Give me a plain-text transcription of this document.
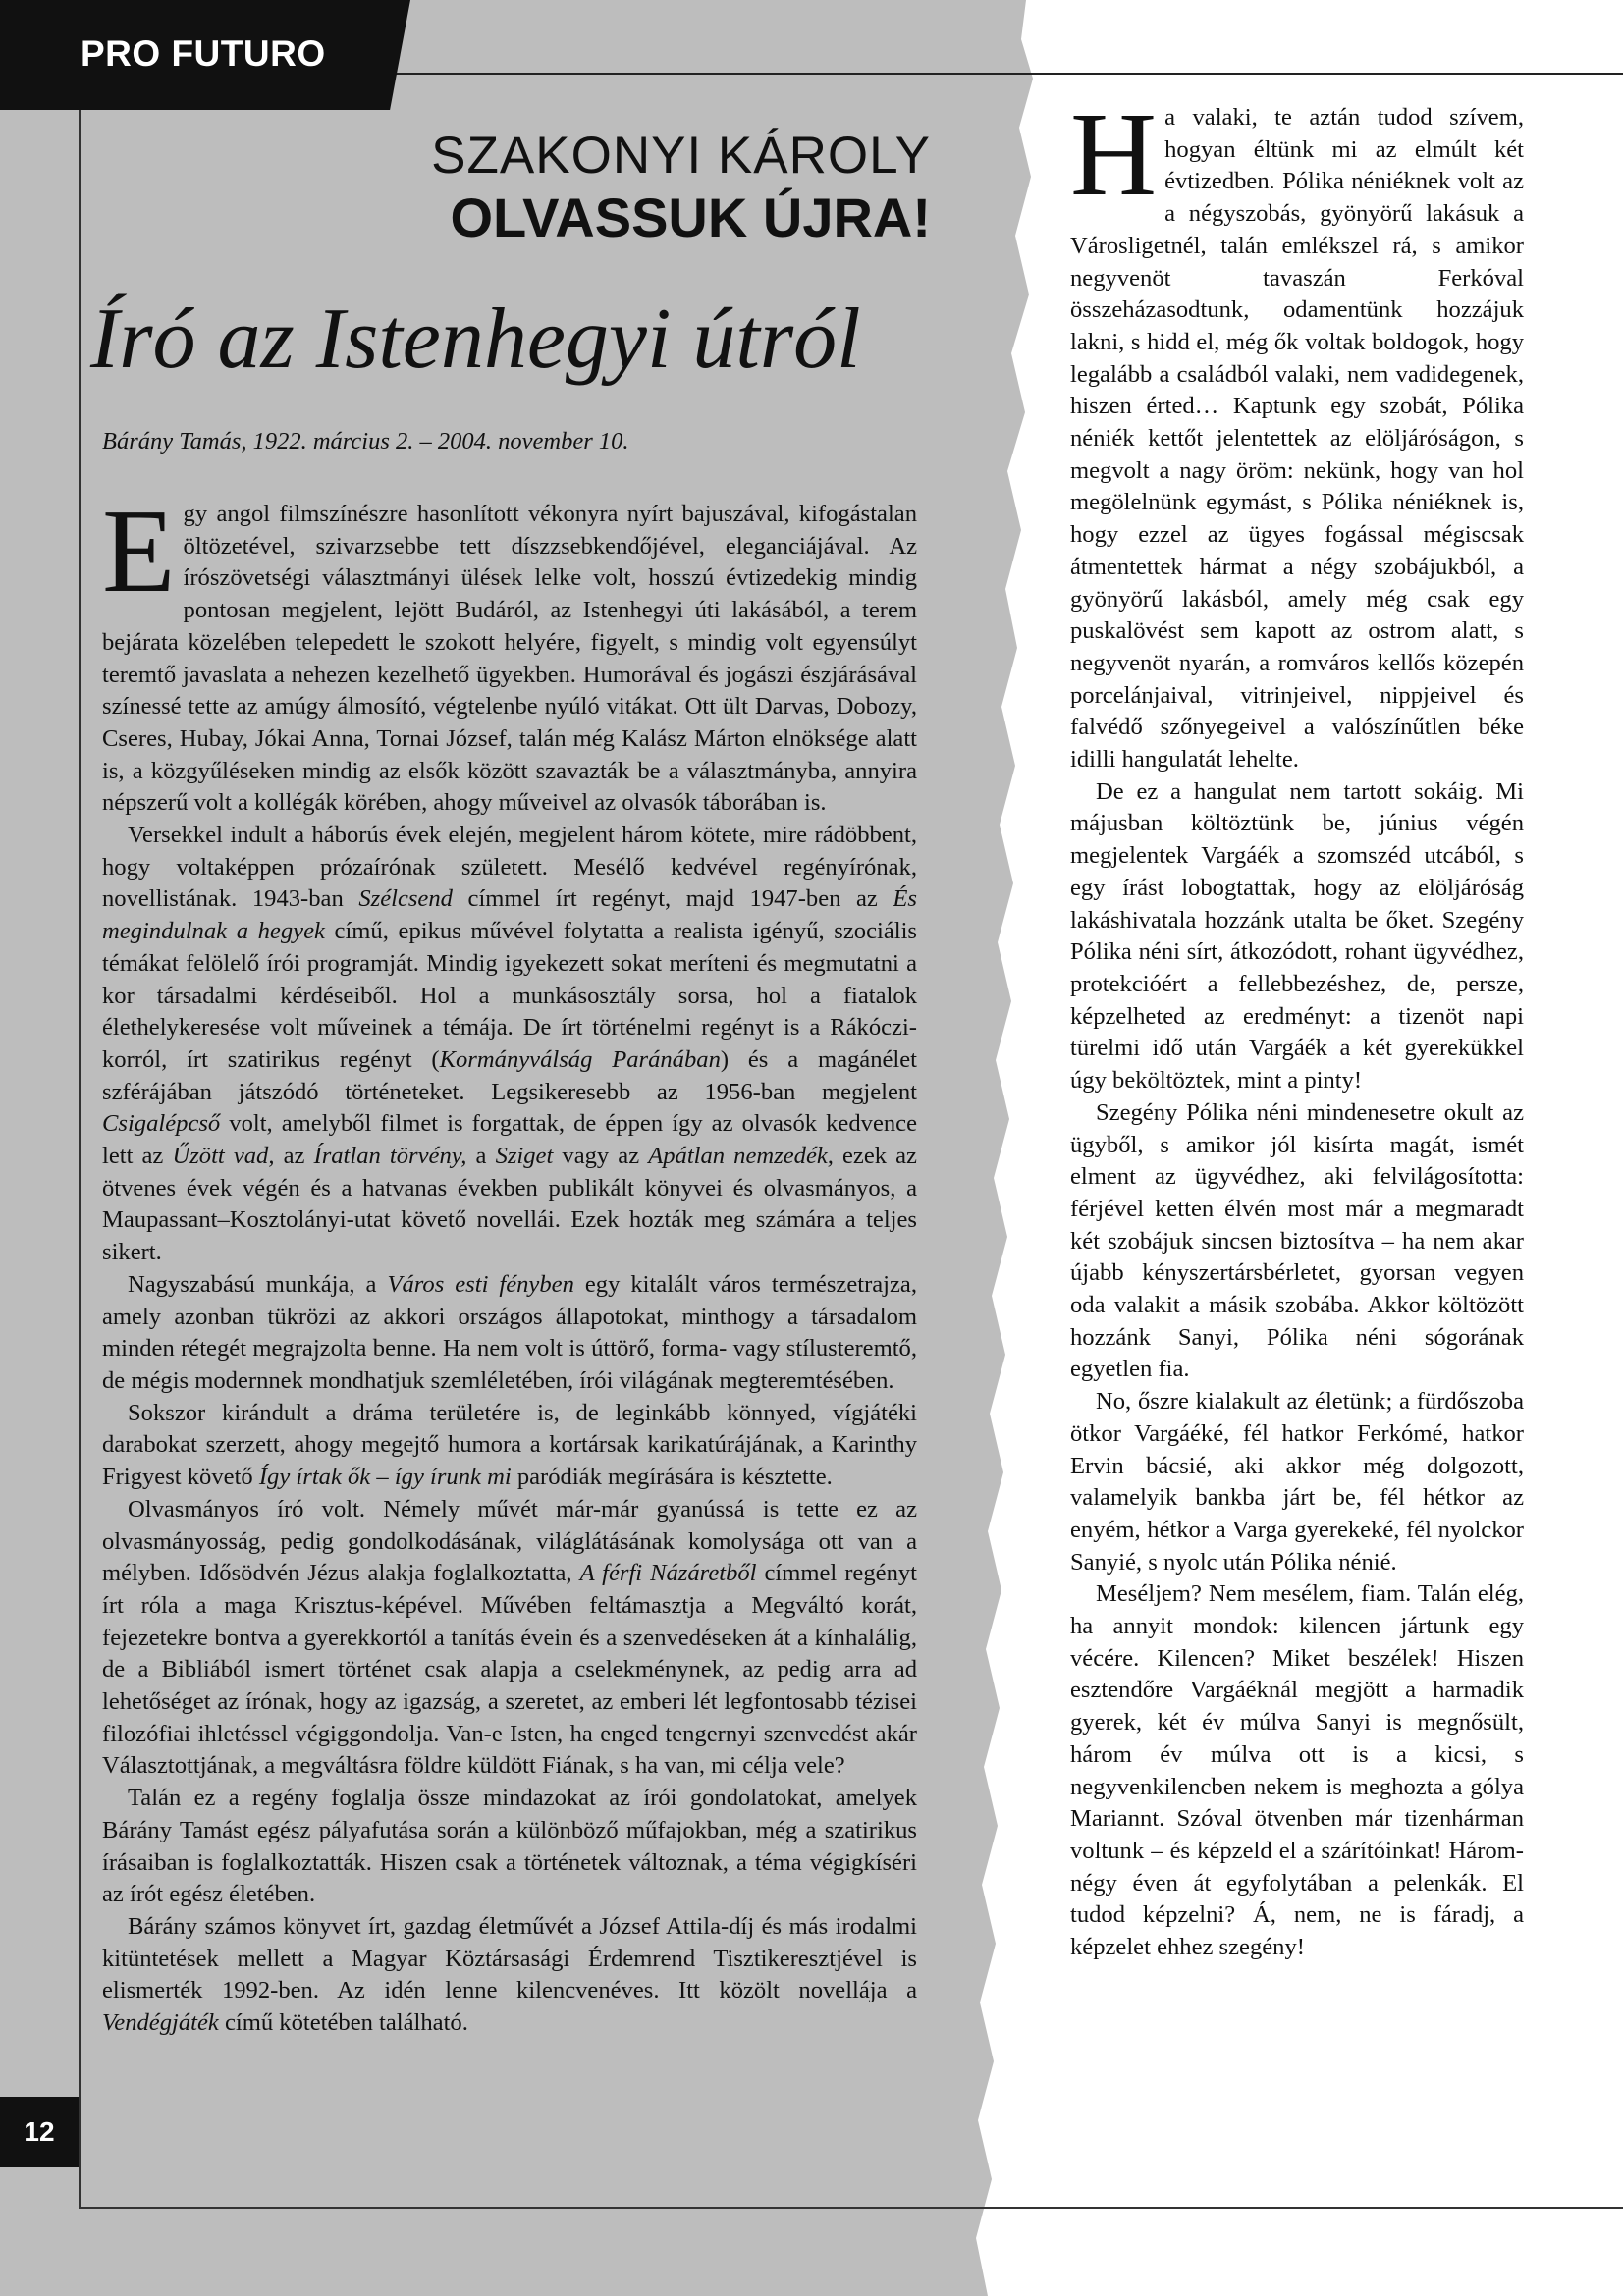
PRO FUTURO
SZAKONYI KÁROLY
OLVASSUK ÚJRA!
Író az Istenhegyi útról
Bárány Tamás, 1922. március 2. – 2004. november 10.

Egy angol filmszínészre hasonlított vékonyra nyírt bajuszával, kifogástalan öltözetével, szivarzsebbe tett díszzsebkendőjével, eleganciájával. Az írószövetségi választmányi ülések lelke volt, hosszú évtizedekig mindig pontosan megjelent, lejött Budáról, az Istenhegyi úti lakásából, a terem bejárata közelében telepedett le szokott helyére, figyelt, s mindig volt egyensúlyt teremtő javaslata a nehezen kezelhető ügyekben. Humorával és jogászi észjárásával színessé tette az amúgy álmosító, végtelenbe nyúló vitákat. Ott ült Darvas, Dobozy, Cseres, Hubay, Jókai Anna, Tornai József, talán még Kalász Márton elnöksége alatt is, a közgyűléseken mindig az elsők között szavazták be a választmányba, annyira népszerű volt a kollégák körében, ahogy műveivel az olvasók táborában is.

Versekkel indult a háborús évek elején, megjelent három kötete, mire rádöbbent, hogy voltaképpen prózaírónak született. Mesélő kedvével regényírónak, novellistának. 1943-ban Szélcsend címmel írt regényt, majd 1947-ben az És megindulnak a hegyek című, epikus művével folytatta a realista igényű, szociális témákat felölelő írói programját. Mindig igyekezett sokat meríteni és megmutatni a kor társadalmi kérdéseiből. Hol a munkásosztály sorsa, hol a fiatalok élethelykeresése volt műveinek a témája. De írt történelmi regényt is a Rákóczi-korról, írt szatirikus regényt (Kormányválság Paránában) és a magánélet szférájában játszódó történeteket. Legsikeresebb az 1956-ban megjelent Csigalépcső volt, amelyből filmet is forgattak, de éppen így az olvasók kedvence lett az Űzött vad, az Íratlan törvény, a Sziget vagy az Apátlan nemzedék, ezek az ötvenes évek végén és a hatvanas években publikált könyvei és olvasmányos, a Maupassant–Kosztolányi-utat követő novellái. Ezek hozták meg számára a teljes sikert.

Nagyszabású munkája, a Város esti fényben egy kitalált város természetrajza, amely azonban tükrözi az akkori országos állapotokat, minthogy a társadalom minden rétegét megrajzolta benne. Ha nem volt is úttörő, forma- vagy stílusteremtő, de mégis modernnek mondhatjuk szemléletében, írói világának megteremtésében.

Sokszor kirándult a dráma területére is, de leginkább könnyed, vígjátéki darabokat szerzett, ahogy megejtő humora a kortársak karikatúrájának, a Karinthy Frigyest követő Így írtak ők – így írunk mi paródiák megírására is késztette.

Olvasmányos író volt. Némely művét már-már gyanússá is tette ez az olvasmányosság, pedig gondolkodásának, világlátásának komolysága ott van a mélyben. Idősödvén Jézus alakja foglalkoztatta, A férfi Názáretből címmel regényt írt róla a maga Krisztus-képével. Művében feltámasztja a Megváltó korát, fejezetekre bontva a gyerekkortól a tanítás évein és a szenvedéseken át a kínhalálig, de a Bibliából ismert történet csak alapja a cselekménynek, az pedig arra ad lehetőséget az írónak, hogy az igazság, a szeretet, az emberi lét legfontosabb tézisei filozófiai ihletéssel végiggondolja. Van-e Isten, ha enged tengernyi szenvedést akár Választottjának, a megváltásra földre küldött Fiának, s ha van, mi célja vele?

Talán ez a regény foglalja össze mindazokat az írói gondolatokat, amelyek Bárány Tamást egész pályafutása során a különböző műfajokban, még a szatirikus írásaiban is foglalkoztatták. Hiszen csak a történetek változnak, a téma végigkíséri az írót egész életében.

Bárány számos könyvet írt, gazdag életművét a József Attila-díj és más irodalmi kitüntetések mellett a Magyar Köztársasági Érdemrend Tisztikeresztjével is elismerték 1992-ben. Az idén lenne kilencvenéves. Itt közölt novellája a Vendégjáték című kötetében található.

Ha valaki, te aztán tudod szívem, hogyan éltünk mi az elmúlt két évtizedben. Pólika néniéknek volt az a négyszobás, gyönyörű lakásuk a Városligetnél, talán emlékszel rá, s amikor negyvenöt tavaszán Ferkóval összeházasodtunk, odamentünk hozzájuk lakni, s hidd el, még ők voltak boldogok, hogy legalább a családból valaki, nem vadidegenek, hiszen érted… Kaptunk egy szobát, Pólika néniék kettőt jelentettek az elöljáróságon, s megvolt a nagy öröm: nekünk, hogy van hol megölelnünk egymást, s Pólika néniéknek is, hogy ezzel az ügyes fogással mégiscsak átmentettek hármat a négy szobájukból, a gyönyörű lakásból, amely még csak egy puskalövést sem kapott az ostrom alatt, s negyvenöt nyarán, a romváros kellős közepén porcelánjaival, vitrinjeivel, nippjeivel és falvédő szőnyegeivel a valószínűtlen béke idilli hangulatát lehelte.

De ez a hangulat nem tartott sokáig. Mi májusban költöztünk be, június végén megjelentek Vargáék a szomszéd utcából, s egy írást lobogtattak, hogy az elöljáróság lakáshivatala hozzánk utalta be őket. Szegény Pólika néni sírt, átkozódott, rohant ügyvédhez, protekcióért a fellebbezéshez, de, persze, képzelheted az eredményt: a tizenöt napi türelmi idő után Vargáék a két gyerekükkel úgy beköltöztek, mint a pinty!

Szegény Pólika néni mindenesetre okult az ügyből, s amikor jól kisírta magát, ismét elment az ügyvédhez, aki felvilágosította: férjével ketten élvén most már a megmaradt két szobájuk sincsen biztosítva – ha nem akar újabb kényszertársbérletet, gyorsan vegyen oda valakit a másik szobába. Akkor költözött hozzánk Sanyi, Pólika néni sógorának egyetlen fia.

No, őszre kialakult az életünk; a fürdőszoba ötkor Vargáéké, fél hatkor Ferkómé, hatkor Ervin bácsié, aki akkor még dolgozott, valamelyik bankba járt be, fél hétkor az enyém, hétkor a Varga gyerekeké, fél nyolckor Sanyié, s nyolc után Pólika nénié.

Meséljem? Nem mesélem, fiam. Talán elég, ha annyit mondok: kilencen jártunk egy vécére. Kilencen? Miket beszélek! Hiszen esztendőre Vargáéknál megjött a harmadik gyerek, két év múlva Sanyi is megnősült, három év múlva ott is a kicsi, s negyvenkilencben nekem is meghozta a gólya Mariannt. Szóval ötvenben már tizenhárman voltunk – és képzeld el a szárítóinkat! Három-négy éven át egyfolytában a pelenkák. El tudod képzelni? Á, nem, ne is fáradj, a képzelet ehhez szegény!

12
